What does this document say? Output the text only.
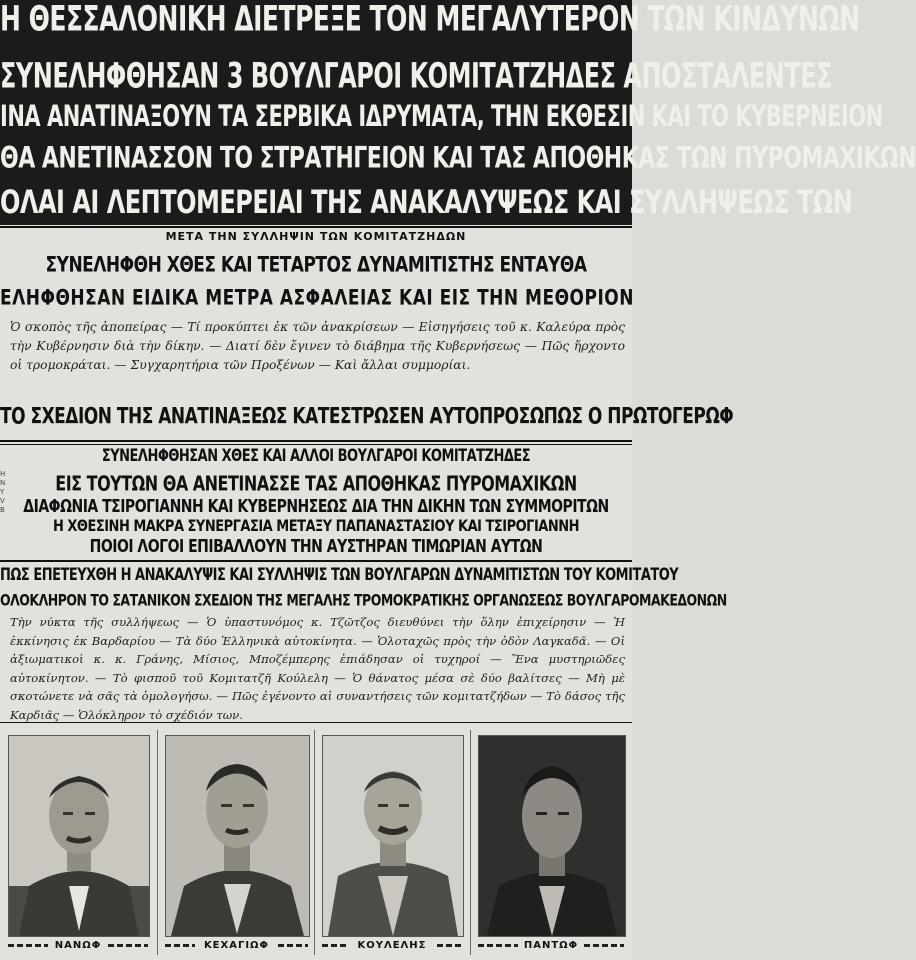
Η ΘΕΣΣΑΛΟΝΙΚΗ ΔΙΕΤΡΕΞΕ ΤΟΝ ΜΕΓΑΛΥΤΕΡΟΝ ΤΩΝ ΚΙΝΔΥΝΩΝ
ΣΥΝΕΛΗΦΘΗΣΑΝ 3 ΒΟΥΛΓΑΡΟΙ ΚΟΜΙΤΑΤΖΗΔΕΣ ΑΠΟΣΤΑΛΕΝΤΕΣ
ΙΝΑ ΑΝΑΤΙΝΑΞΟΥΝ ΤΑ ΣΕΡΒΙΚΑ ΙΔΡΥΜΑΤΑ, ΤΗΝ ΕΚΘΕΣΙΝ ΚΑΙ ΤΟ ΚΥΒΕΡΝΕΙΟΝ
ΘΑ ΑΝΕΤΙΝΑΣΣΟΝ ΤΟ ΣΤΡΑΤΗΓΕΙΟΝ ΚΑΙ ΤΑΣ ΑΠΟΘΗΚΑΣ ΤΩΝ ΠΥΡΟΜΑΧΙΚΩΝ
ΟΛΑΙ ΑΙ ΛΕΠΤΟΜΕΡΕΙΑΙ ΤΗΣ ΑΝΑΚΑΛΥΨΕΩΣ ΚΑΙ ΣΥΛΛΗΨΕΩΣ ΤΩΝ
ΜΕΤΑ ΤΗΝ ΣΥΛΛΗΨΙΝ ΤΩΝ ΚΟΜΙΤΑΤΖΗΔΩΝ
ΣΥΝΕΛΗΦΘΗ ΧΘΕΣ ΚΑΙ ΤΕΤΑΡΤΟΣ ΔΥΝΑΜΙΤΙΣΤΗΣ ΕΝΤΑΥΘΑ
ΕΛΗΦΘΗΣΑΝ ΕΙΔΙΚΑ ΜΕΤΡΑ ΑΣΦΑΛΕΙΑΣ ΚΑΙ ΕΙΣ ΤΗΝ ΜΕΘΟΡΙΟΝ
Ὁ σκοπὸς τῆς ἀποπείρας — Τί προκύπτει ἐκ τῶν ἀνακρίσεων — Εἰσηγήσεις τοῦ κ. Καλεύρα πρὸς τὴν Κυβέρνησιν διὰ τὴν δίκην. — Διατί δὲν ἔγινεν τὸ διάβημα τῆς Κυβερνήσεως — Πῶς ἤρχοντο οἱ τρομοκράται. — Συγχαρητήρια τῶν Προξένων — Καὶ ἄλλαι συμμορίαι.
ΤΟ ΣΧΕΔΙΟΝ ΤΗΣ ΑΝΑΤΙΝΑΞΕΩΣ ΚΑΤΕΣΤΡΩΣΕΝ ΑΥΤΟΠΡΟΣΩΠΩΣ Ο ΠΡΩΤΟΓΕΡΩΦ
H
N
Y
V
B
ΣΥΝΕΛΗΦΘΗΣΑΝ ΧΘΕΣ ΚΑΙ ΑΛΛΟΙ ΒΟΥΛΓΑΡΟΙ ΚΟΜΙΤΑΤΖΗΔΕΣ
ΕΙΣ ΤΟΥΤΩΝ ΘΑ ΑΝΕΤΙΝΑΣΣΕ ΤΑΣ ΑΠΟΘΗΚΑΣ ΠΥΡΟΜΑΧΙΚΩΝ
ΔΙΑΦΩΝΙΑ ΤΣΙΡΟΓΙΑΝΝΗ ΚΑΙ ΚΥΒΕΡΝΗΣΕΩΣ ΔΙΑ ΤΗΝ ΔΙΚΗΝ ΤΩΝ ΣΥΜΜΟΡΙΤΩΝ
Η ΧΘΕΣΙΝΗ ΜΑΚΡΑ ΣΥΝΕΡΓΑΣΙΑ ΜΕΤΑΞΥ ΠΑΠΑΝΑΣΤΑΣΙΟΥ ΚΑΙ ΤΣΙΡΟΓΙΑΝΝΗ
ΠΟΙΟΙ ΛΟΓΟΙ ΕΠΙΒΑΛΛΟΥΝ ΤΗΝ ΑΥΣΤΗΡΑΝ ΤΙΜΩΡΙΑΝ ΑΥΤΩΝ
ΠΩΣ ΕΠΕΤΕΥΧΘΗ Η ΑΝΑΚΑΛΥΨΙΣ ΚΑΙ ΣΥΛΛΗΨΙΣ ΤΩΝ ΒΟΥΛΓΑΡΩΝ ΔΥΝΑΜΙΤΙΣΤΩΝ ΤΟΥ ΚΟΜΙΤΑΤΟΥ
ΟΛΟΚΛΗΡΟΝ ΤΟ ΣΑΤΑΝΙΚΟΝ ΣΧΕΔΙΟΝ ΤΗΣ ΜΕΓΑΛΗΣ ΤΡΟΜΟΚΡΑΤΙΚΗΣ ΟΡΓΑΝΩΣΕΩΣ ΒΟΥΛΓΑΡΟΜΑΚΕΔΟΝΩΝ
Τὴν νύκτα τῆς συλλήψεως — Ὁ ὑπαστυνόμος κ. Τζῶτζος διευθύνει τὴν ὅλην ἐπιχείρησιν — Ἡ ἐκκίνησις ἐκ Βαρδαρίου — Τὰ δύο Ἑλληνικὰ αὐτοκίνητα. — Ὁλοταχῶς πρὸς τὴν ὁδὸν Λαγκαδᾶ. — Οἱ ἀξιωματικοὶ κ. κ. Γράνης, Μίσιος, Μποζέμπερης ἐπιάδησαν οἱ τυχηροί — Ἕνα μυστηριῶδες αὐτοκίνητον. — Τὸ φισποῦ τοῦ Κομιτατζῆ Κούλελη — Ὁ θάνατος μέσα σὲ δύο βαλίτσες — Μὴ μὲ σκοτώνετε νὰ σᾶς τὰ ὁμολογήσω. — Πῶς ἐγένοντο αἱ συναντήσεις τῶν κομιτατζήδων — Τὸ δάσος τῆς Καρδιᾶς — Ὁλόκληρον τὸ σχέδιόν των.
ΝΑΝΩΦ	ΚΕΧΑΓΙΩΦ	ΚΟΥΛΕΛΗΣ	ΠΑΝΤΩΦ
